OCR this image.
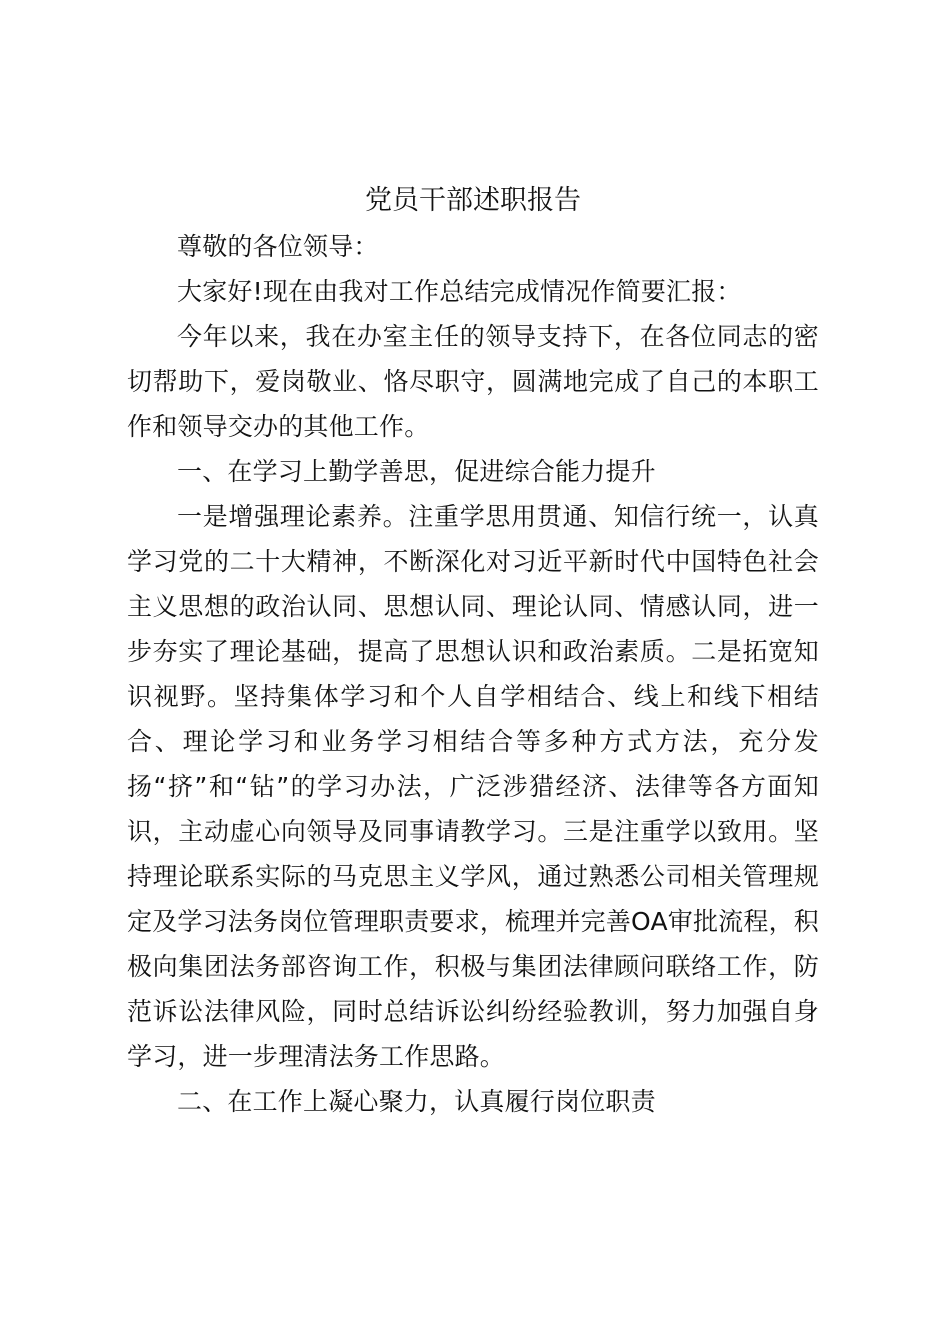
党员干部述职报告

尊敬的各位领导：

大家好!现在由我对工作总结完成情况作简要汇报：

今年以来，我在办室主任的领导支持下，在各位同志的密切帮助下，爱岗敬业、恪尽职守，圆满地完成了自己的本职工作和领导交办的其他工作。

一、在学习上勤学善思，促进综合能力提升

一是增强理论素养。注重学思用贯通、知信行统一，认真学习党的二十大精神，不断深化对习近平新时代中国特色社会主义思想的政治认同、思想认同、理论认同、情感认同，进一步夯实了理论基础，提高了思想认识和政治素质。二是拓宽知识视野。坚持集体学习和个人自学相结合、线上和线下相结合、理论学习和业务学习相结合等多种方式方法，充分发扬“挤”和“钻”的学习办法，广泛涉猎经济、法律等各方面知识，主动虚心向领导及同事请教学习。三是注重学以致用。坚持理论联系实际的马克思主义学风，通过熟悉公司相关管理规定及学习法务岗位管理职责要求，梳理并完善OA审批流程，积极向集团法务部咨询工作，积极与集团法律顾问联络工作，防范诉讼法律风险，同时总结诉讼纠纷经验教训，努力加强自身学习，进一步理清法务工作思路。

二、在工作上凝心聚力，认真履行岗位职责
